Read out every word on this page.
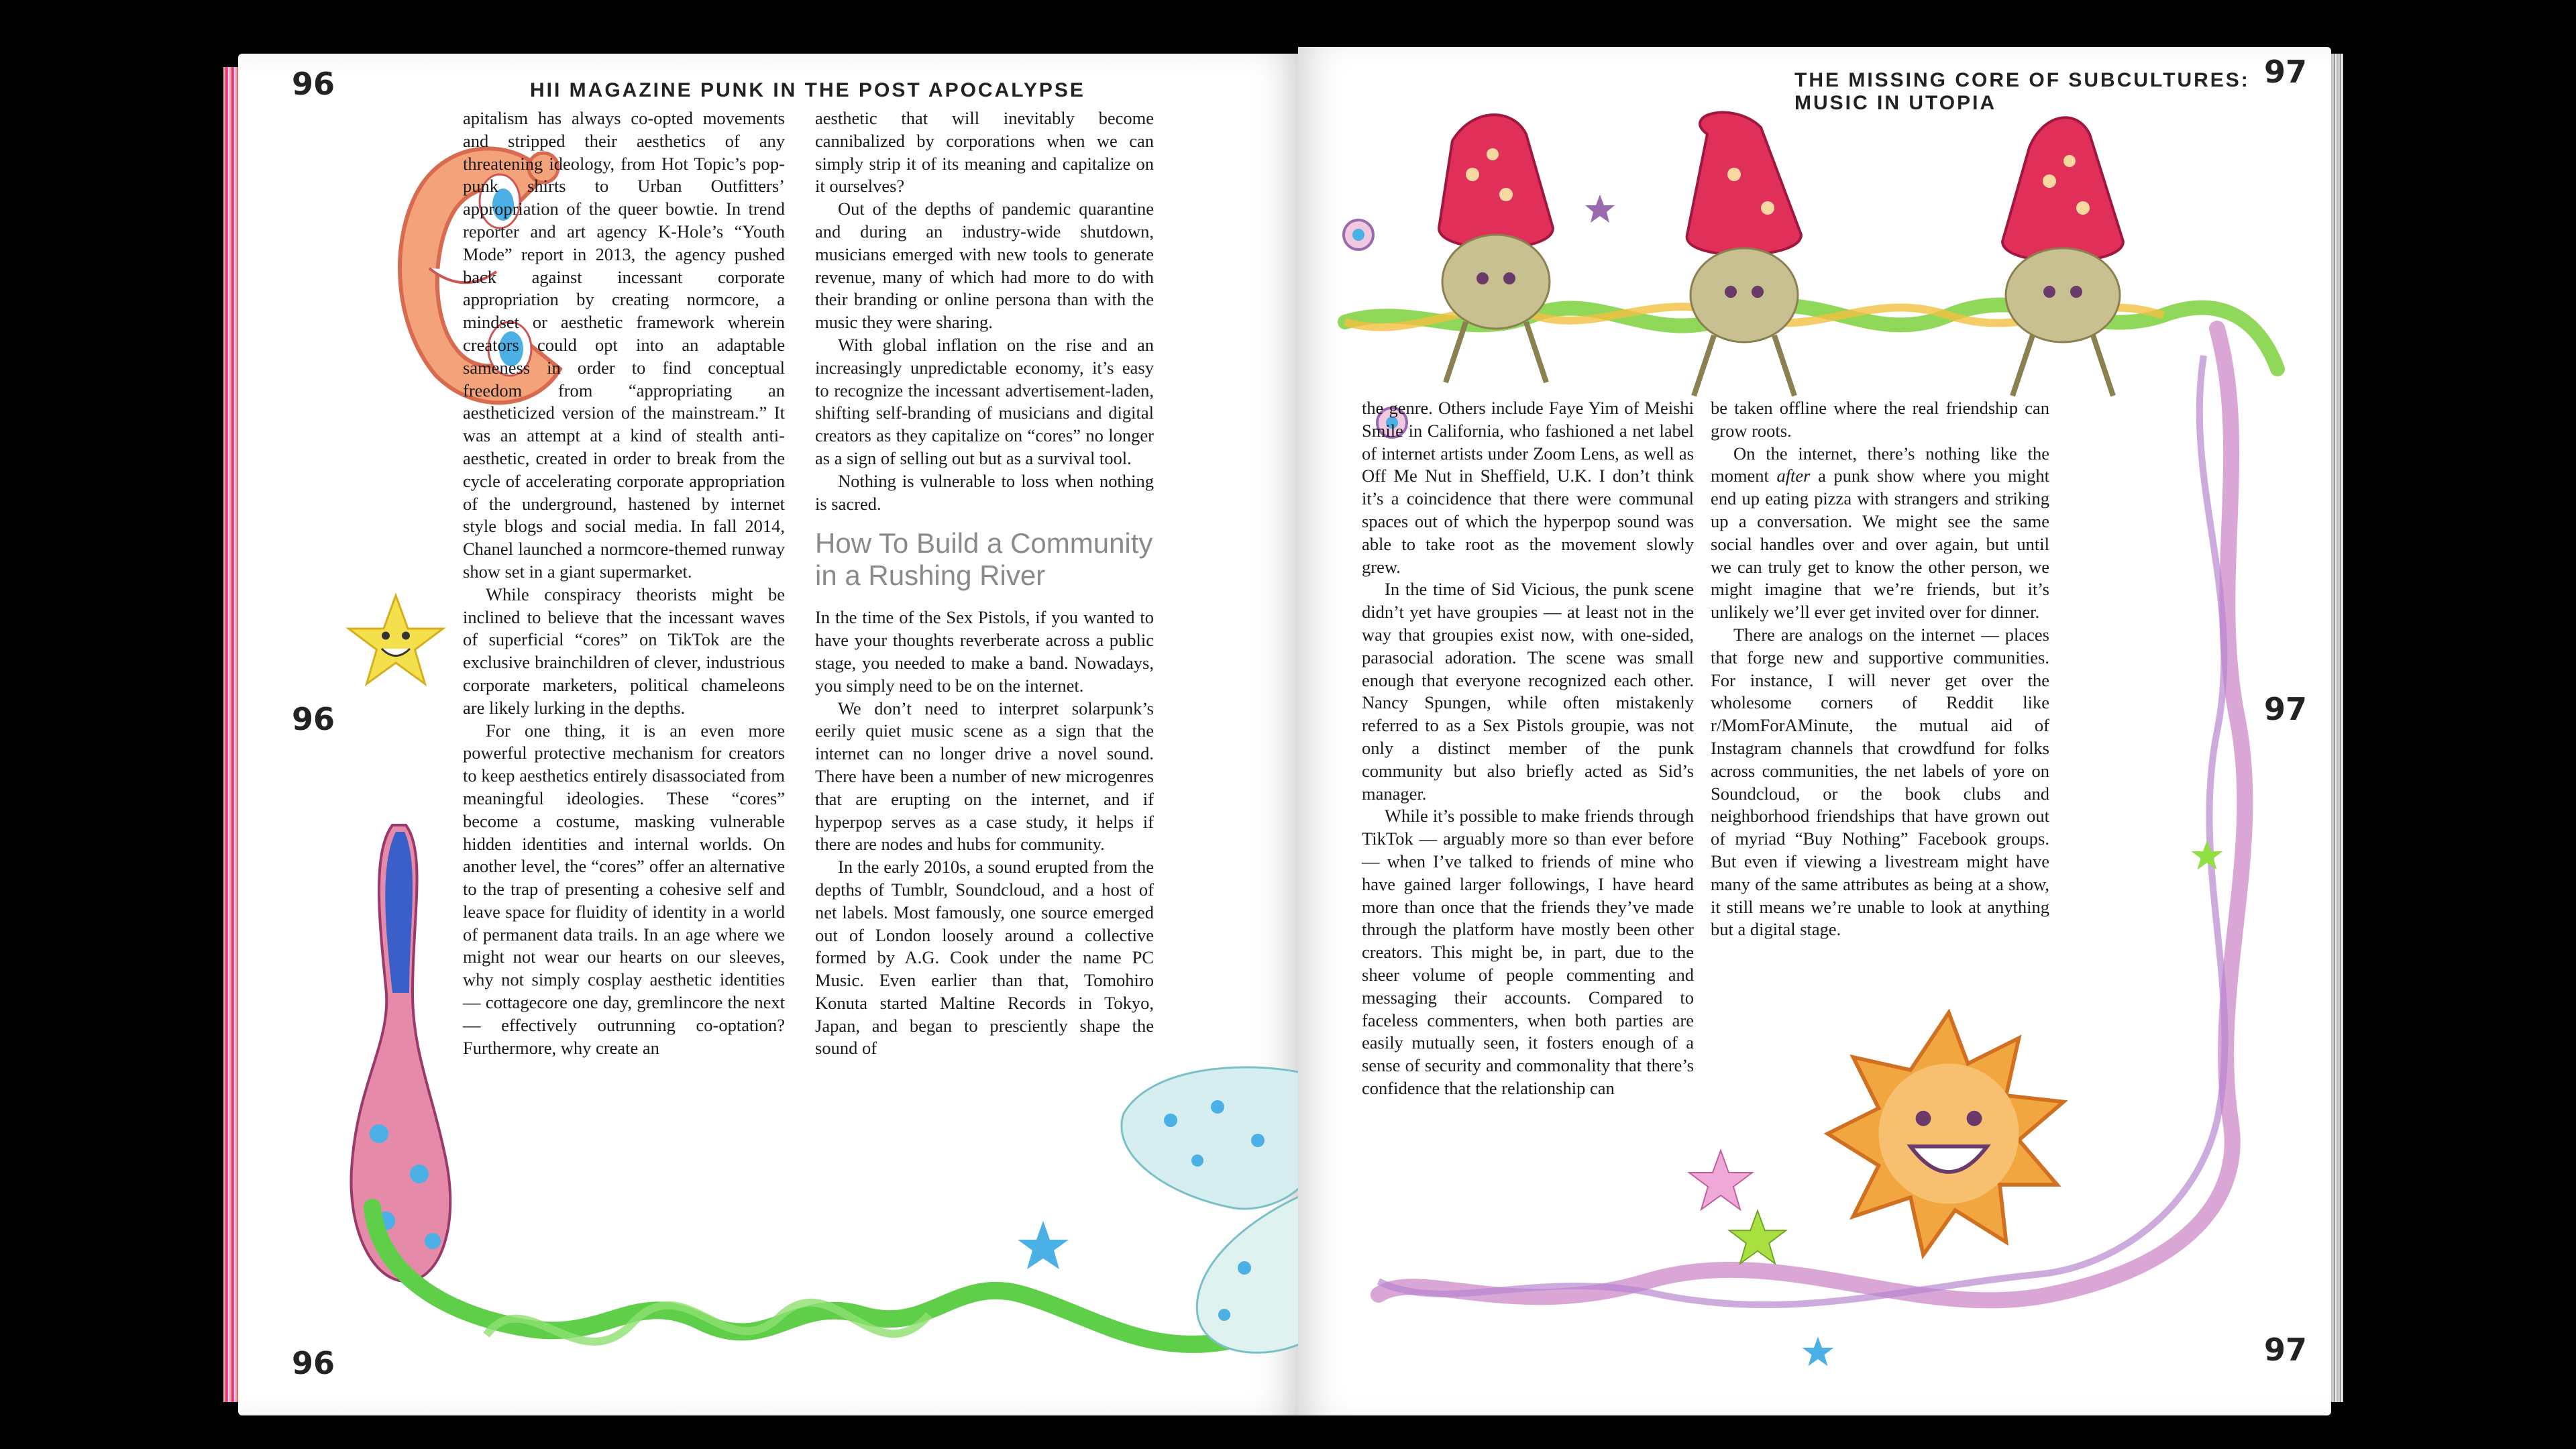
96
96
96
HII MAGAZINE PUNK IN THE POST APOCALYPSE

apitalism has always co-opted movements and stripped their aesthetics of any threatening ideology, from Hot Topic’s pop-punk shirts to Urban Outfitters’ appropriation of the queer bowtie. In trend reporter and art agency K-Hole’s “Youth Mode” report in 2013, the agency pushed back against incessant corporate appropriation by creating normcore, a mindset or aesthetic framework wherein creators could opt into an adaptable sameness in order to find conceptual freedom from “appropriating an aestheticized version of the mainstream.” It was an attempt at a kind of stealth anti-aesthetic, created in order to break from the cycle of accelerating corporate appropriation of the underground, hastened by internet style blogs and social media. In fall 2014, Chanel launched a normcore-themed runway show set in a giant supermarket.

While conspiracy theorists might be inclined to believe that the incessant waves of superficial “cores” on TikTok are the exclusive brainchildren of clever, industrious corporate marketers, political chameleons are likely lurking in the depths.

For one thing, it is an even more powerful protective mechanism for creators to keep aesthetics entirely disassociated from meaningful ideologies. These “cores” become a costume, masking vulnerable hidden identities and internal worlds. On another level, the “cores” offer an alternative to the trap of presenting a cohesive self and leave space for fluidity of identity in a world of permanent data trails. In an age where we might not wear our hearts on our sleeves, why not simply cosplay aesthetic identities — cottagecore one day, gremlincore the next — effectively outrunning co-optation? Furthermore, why create an

aesthetic that will inevitably become cannibalized by corporations when we can simply strip it of its meaning and capitalize on it ourselves?

Out of the depths of pandemic quarantine and during an industry-wide shutdown, musicians emerged with new tools to generate revenue, many of which had more to do with their branding or online persona than with the music they were sharing.

With global inflation on the rise and an increasingly unpredictable economy, it’s easy to recognize the incessant advertisement-laden, shifting self-branding of musicians and digital creators as they capitalize on “cores” no longer as a sign of selling out but as a survival tool.

Nothing is vulnerable to loss when nothing is sacred.

How To Build a Community in a Rushing River

In the time of the Sex Pistols, if you wanted to have your thoughts reverberate across a public stage, you needed to make a band. Nowadays, you simply need to be on the internet.

We don’t need to interpret solarpunk’s eerily quiet music scene as a sign that the internet can no longer drive a novel sound. There have been a number of new microgenres that are erupting on the internet, and if hyperpop serves as a case study, it helps if there are nodes and hubs for community.

In the early 2010s, a sound erupted from the depths of Tumblr, Soundcloud, and a host of net labels. Most famously, one source emerged out of London loosely around a collective formed by A.G. Cook under the name PC Music. Even earlier than that, Tomohiro Konuta started Maltine Records in Tokyo, Japan, and began to presciently shape the sound of

97
97
97
THE MISSING CORE OF SUBCULTURES: MUSIC IN UTOPIA

the genre. Others include Faye Yim of Meishi Smile in California, who fashioned a net label of internet artists under Zoom Lens, as well as Off Me Nut in Sheffield, U.K. I don’t think it’s a coincidence that there were communal spaces out of which the hyperpop sound was able to take root as the movement slowly grew.

In the time of Sid Vicious, the punk scene didn’t yet have groupies — at least not in the way that groupies exist now, with one-sided, parasocial adoration. The scene was small enough that everyone recognized each other. Nancy Spungen, while often mistakenly referred to as a Sex Pistols groupie, was not only a distinct member of the punk community but also briefly acted as Sid’s manager.

While it’s possible to make friends through TikTok — arguably more so than ever before — when I’ve talked to friends of mine who have gained larger followings, I have heard more than once that the friends they’ve made through the platform have mostly been other creators. This might be, in part, due to the sheer volume of people commenting and messaging their accounts. Compared to faceless commenters, when both parties are easily mutually seen, it fosters enough of a sense of security and commonality that there’s confidence that the relationship can

be taken offline where the real friendship can grow roots.

On the internet, there’s nothing like the moment after a punk show where you might end up eating pizza with strangers and striking up a conversation. We might see the same social handles over and over again, but until we can truly get to know the other person, we might imagine that we’re friends, but it’s unlikely we’ll ever get invited over for dinner.

There are analogs on the internet — places that forge new and supportive communities. For instance, I will never get over the wholesome corners of Reddit like r/MomForAMinute, the mutual aid of Instagram channels that crowdfund for folks across communities, the net labels of yore on Soundcloud, or the book clubs and neighborhood friendships that have grown out of myriad “Buy Nothing” Facebook groups. But even if viewing a livestream might have many of the same attributes as being at a show, it still means we’re unable to look at anything but a digital stage.
